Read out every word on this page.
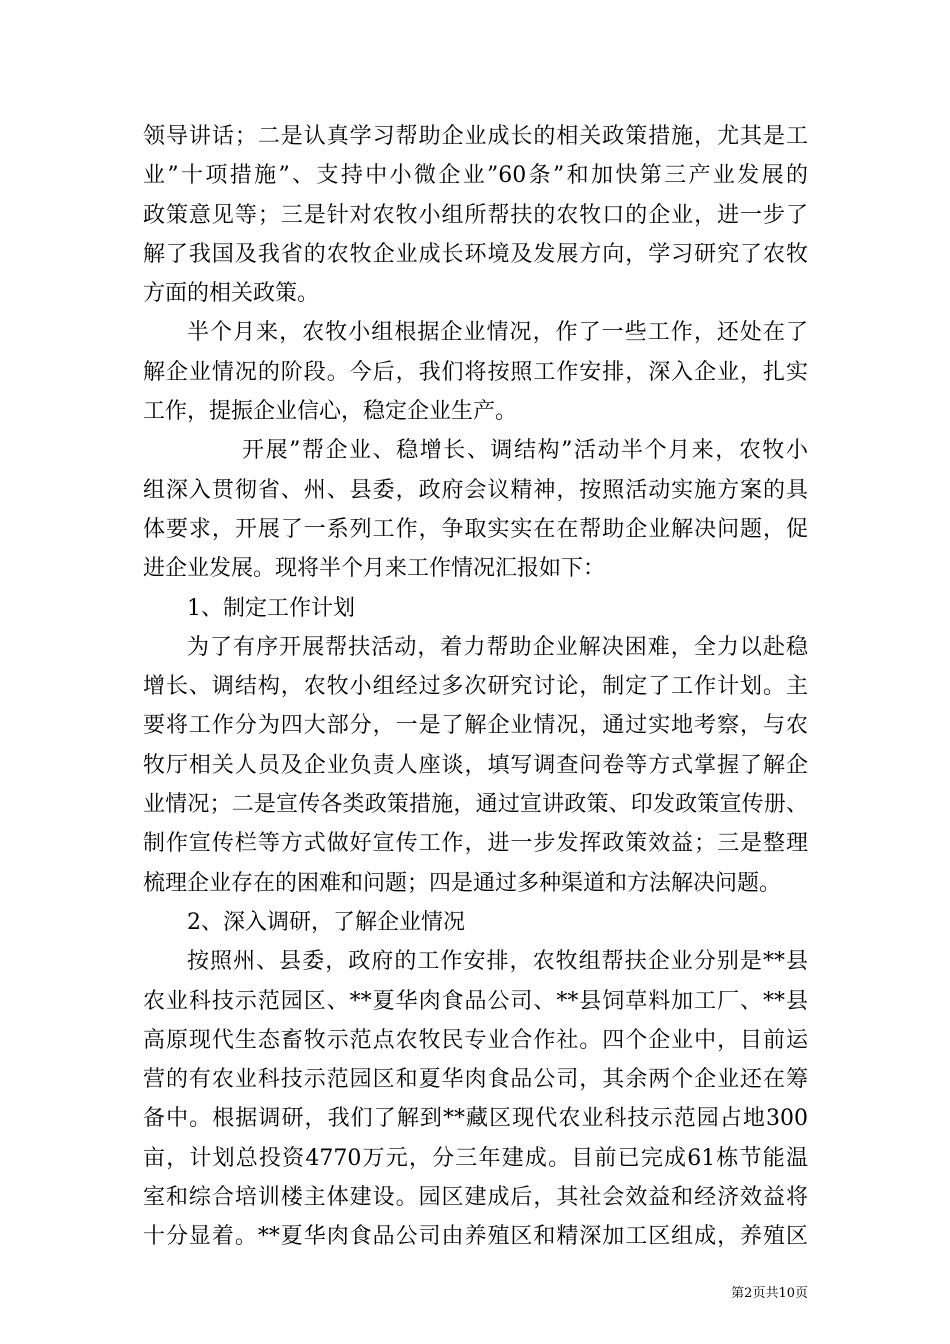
领导讲话；二是认真学习帮助企业成长的相关政策措施，尤其是工
业”十项措施”、支持中小微企业”60条”和加快第三产业发展的
政策意见等；三是针对农牧小组所帮扶的农牧口的企业，进一步了
解了我国及我省的农牧企业成长环境及发展方向，学习研究了农牧
方面的相关政策。
半个月来，农牧小组根据企业情况，作了一些工作，还处在了
解企业情况的阶段。今后，我们将按照工作安排，深入企业，扎实
工作，提振企业信心，稳定企业生产。
开展”帮企业、稳增长、调结构”活动半个月来，农牧小
组深入贯彻省、州、县委，政府会议精神，按照活动实施方案的具
体要求，开展了一系列工作，争取实实在在帮助企业解决问题，促
进企业发展。现将半个月来工作情况汇报如下：
1、制定工作计划
为了有序开展帮扶活动，着力帮助企业解决困难，全力以赴稳
增长、调结构，农牧小组经过多次研究讨论，制定了工作计划。主
要将工作分为四大部分，一是了解企业情况，通过实地考察，与农
牧厅相关人员及企业负责人座谈，填写调查问卷等方式掌握了解企
业情况；二是宣传各类政策措施，通过宣讲政策、印发政策宣传册、
制作宣传栏等方式做好宣传工作，进一步发挥政策效益；三是整理
梳理企业存在的困难和问题；四是通过多种渠道和方法解决问题。
2、深入调研，了解企业情况
按照州、县委，政府的工作安排，农牧组帮扶企业分别是**县
农业科技示范园区、**夏华肉食品公司、**县饲草料加工厂、**县
高原现代生态畜牧示范点农牧民专业合作社。四个企业中，目前运
营的有农业科技示范园区和夏华肉食品公司，其余两个企业还在筹
备中。根据调研，我们了解到**藏区现代农业科技示范园占地300
亩，计划总投资4770万元，分三年建成。目前已完成61栋节能温
室和综合培训楼主体建设。园区建成后，其社会效益和经济效益将
十分显着。**夏华肉食品公司由养殖区和精深加工区组成，养殖区
第2页共10页
